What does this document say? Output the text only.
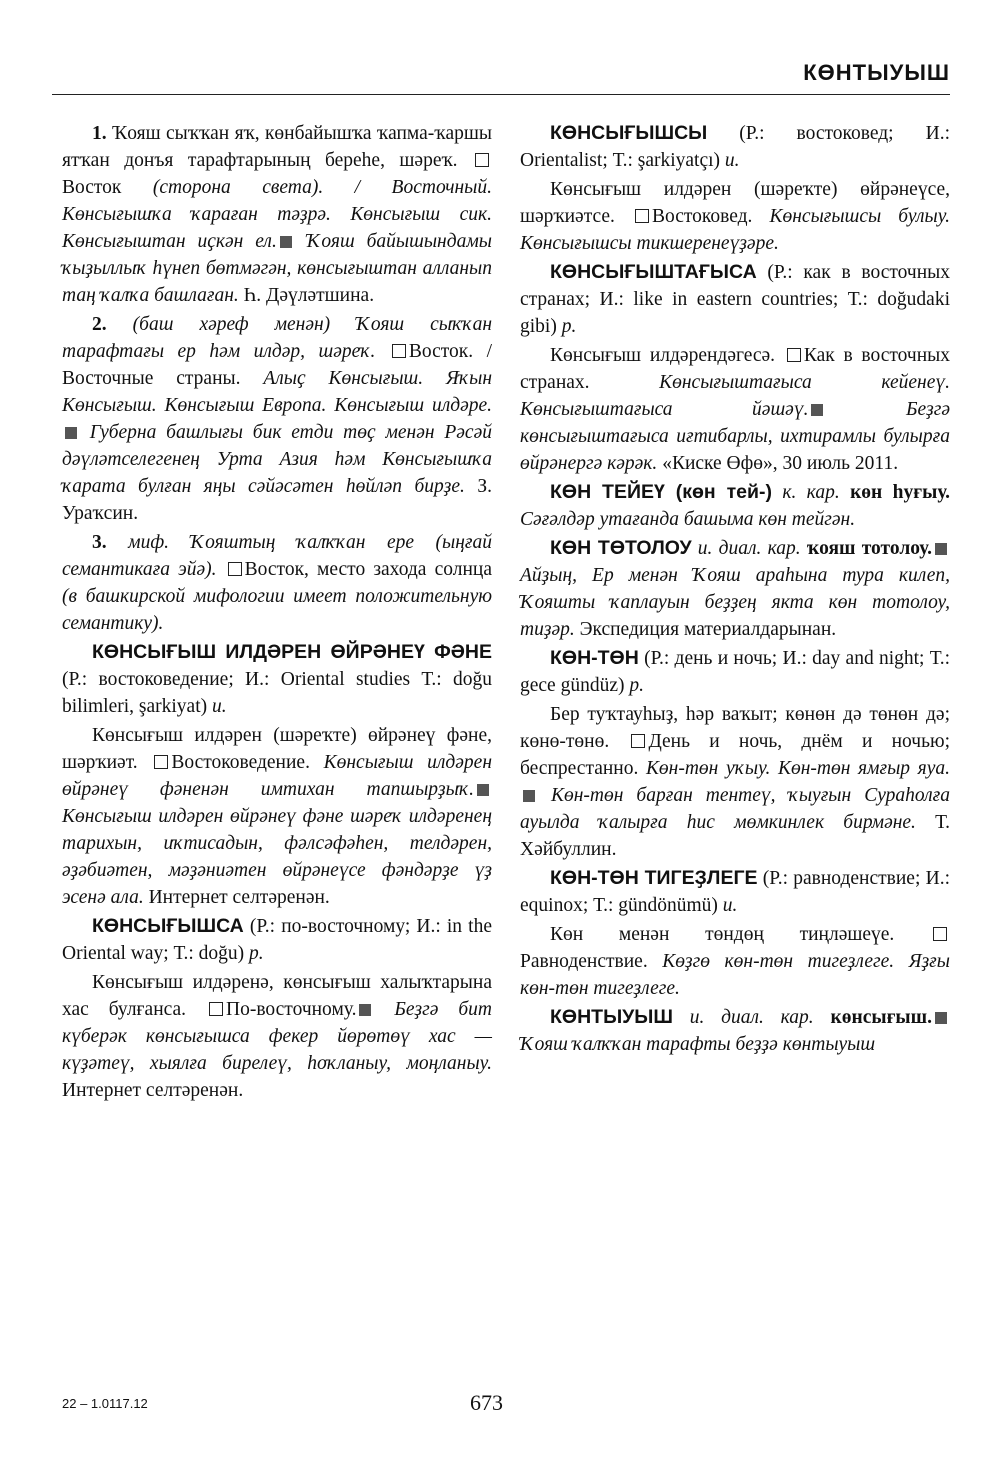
КӨНТЫУЫШ

1. Ҡояш сыҡҡан яҡ, көнбайышҡа ҡапма-ҡаршы ятҡан донъя тарафтарының береһе, шәреҡ. Восток (сторона света). / Восточный. Көнсығышҡа ҡараған тәҙрә. Көнсығыш сик. Көнсығыштан иҫкән ел. Ҡояш байышындамы ҡыҙыллыҡ һүнеп бөтмәгән, көнсығыштан алланып таң ҡалҡа башлаған. Һ. Дәүләтшина.

2. (баш хәреф менән) Ҡояш сыҡҡан тарафтағы ер һәм илдәр, шәреҡ. Восток. / Восточные страны. Алыҫ Көнсығыш. Яҡын Көнсығыш. Көнсығыш Европа. Көнсығыш илдәре. Губерна башлығы бик етди төҫ менән Рәсәй дәүләтселегенең Урта Азия һәм Көнсығышҡа ҡарата булған яңы сәйәсәтен һөйләп бирҙе. З. Ураҡсин.

3. миф. Ҡояштың ҡалҡҡан ере (ыңғай семантикаға эйә). Восток, место захода солнца (в башкирской мифологии имеет положительную семантику).

КӨНСЫҒЫШ ИЛДӘРЕН ӨЙРӘНЕҮ ФӘНЕ (Р.: востоковедение; И.: Oriental studies Т.: doğu bilimleri, şarkiyat) и.

Көнсығыш илдәрен (шәреҡте) өйрәнеү фәне, шәрҡиәт. Востоковедение. Көнсығыш илдәрен өйрәнеү фәненән имтихан тапшырҙыҡ. Көнсығыш илдәрен өйрәнеү фәне шәреҡ илдәренең тарихын, иҡтисадын, фәлсәфәһен, телдәрен, әҙәбиәтен, мәҙәниәтен өйрәнеүсе фәндәрҙе үҙ эсенә ала. Интернет селтәренән.

КӨНСЫҒЫШСА (Р.: по-восточному; И.: in the Oriental way; Т.: doğu) р.

Көнсығыш илдәренә, көнсығыш халыҡтарына хас булғанса. По-восточному. Беҙгә бит күберәк көнсығышса фекер йөрөтөү хас — күҙәтеү, хыялға бирелеү, һоҡланыу, моңланыу. Интернет селтәренән.

КӨНСЫҒЫШСЫ (Р.: востоковед; И.: Orientalist; Т.: şarkiyatçı) и.

Көнсығыш илдәрен (шәреҡте) өйрәнеүсе, шәрҡиәтсе. Востоковед. Көнсығышсы булыу. Көнсығышсы тикшеренеүҙәре.

КӨНСЫҒЫШТАҒЫСА (Р.: как в восточных странах; И.: like in eastern countries; Т.: doğudaki gibi) р.

Көнсығыш илдәрендәгесә. Как в восточных странах. Көнсығыштағыса кейенеү. Көнсығыштағыса йәшәү. Беҙгә көнсығыштағыса иғтибарлы, ихтирамлы булырға өйрәнергә кәрәк. «Киске Өфө», 30 июль 2011.

КӨН ТЕЙЕҮ (көн тей-) к. кар. көн һуғыу. Сәғәлдәр утағанда башыма көн тейгән.

КӨН ТӨТОЛОУ и. диал. кар. ҡояш тотолоу. Айҙың, Ер менән Ҡояш араһына тура килеп, Ҡояшты ҡаплауын беҙҙең якта көн тотолоу, тиҙәр. Экспедиция материалдарынан.

КӨН-ТӨН (Р.: день и ночь; И.: day and night; Т.: gece gündüz) р.

Бер туҡтауһыҙ, һәр ваҡыт; көнөн дә төнөн дә; көнө-төнө. День и ночь, днём и ночью; беспрестанно. Көн-төн уҡыу. Көн-төн ямғыр яуа. Көн-төн барған тентеү, ҡыуғын Сураһолға ауылда ҡалырға һис мөмкинлек бирмәне. Т. Хәйбуллин.

КӨН-ТӨН ТИГЕҘЛЕГЕ (Р.: равноденствие; И.: equinox; Т.: gündönümü) и.

Көн менән төндөң тиңләшеүе. Равноденствие. Көҙгө көн-төн тигеҙлеге. Яҙғы көн-төн тигеҙлеге.

КӨНТЫУЫШ и. диал. кар. көнсығыш. Ҡояш ҡалҡҡан тарафты беҙҙә көнтыуыш

22 – 1.0117.12	673
